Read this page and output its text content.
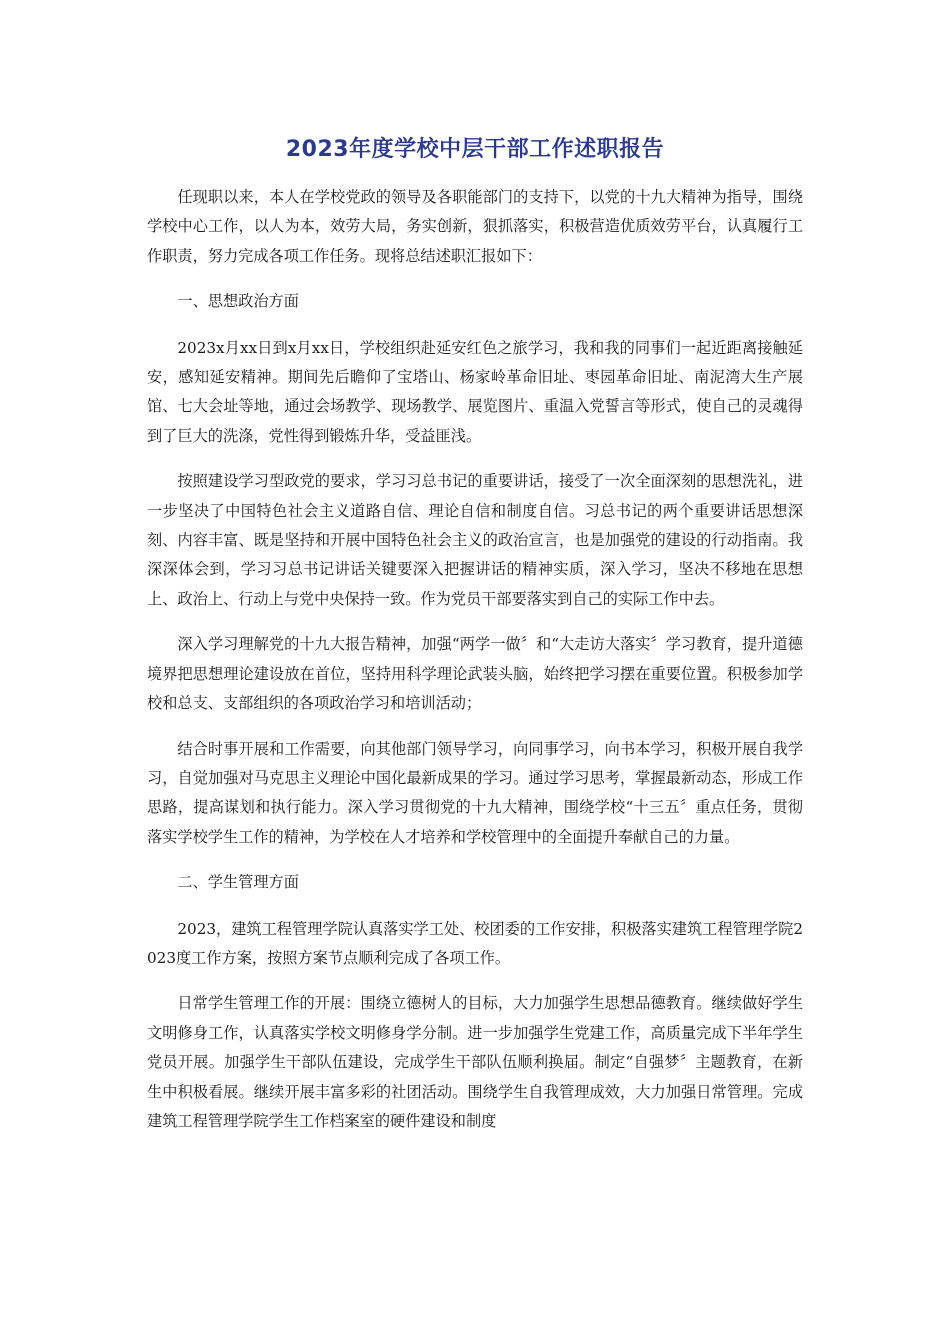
2023年度学校中层干部工作述职报告

任现职以来，本人在学校党政的领导及各职能部门的支持下，以党的十九大精神为指导，围绕学校中心工作，以人为本，效劳大局，务实创新，狠抓落实，积极营造优质效劳平台，认真履行工作职责，努力完成各项工作任务。现将总结述职汇报如下：

一、思想政治方面

2023x月xx日到x月xx日，学校组织赴延安红色之旅学习，我和我的同事们一起近距离接触延安，感知延安精神。期间先后瞻仰了宝塔山、杨家岭革命旧址、枣园革命旧址、南泥湾大生产展馆、七大会址等地，通过会场教学、现场教学、展览图片、重温入党誓言等形式，使自己的灵魂得到了巨大的洗涤，党性得到锻炼升华，受益匪浅。

按照建设学习型政党的要求，学习习总书记的重要讲话，接受了一次全面深刻的思想洗礼，进一步坚决了中国特色社会主义道路自信、理论自信和制度自信。习总书记的两个重要讲话思想深刻、内容丰富、既是坚持和开展中国特色社会主义的政治宣言，也是加强党的建设的行动指南。我深深体会到，学习习总书记讲话关键要深入把握讲话的精神实质，深入学习，坚决不移地在思想上、政治上、行动上与党中央保持一致。作为党员干部要落实到自己的实际工作中去。

深入学习理解党的十九大报告精神，加强“两学一做〞和“大走访大落实〞学习教育，提升道德境界把思想理论建设放在首位，坚持用科学理论武装头脑，始终把学习摆在重要位置。积极参加学校和总支、支部组织的各项政治学习和培训活动；

结合时事开展和工作需要，向其他部门领导学习，向同事学习，向书本学习，积极开展自我学习，自觉加强对马克思主义理论中国化最新成果的学习。通过学习思考，掌握最新动态，形成工作思路，提高谋划和执行能力。深入学习贯彻党的十九大精神，围绕学校“十三五〞重点任务，贯彻落实学校学生工作的精神，为学校在人才培养和学校管理中的全面提升奉献自己的力量。

二、学生管理方面

2023，建筑工程管理学院认真落实学工处、校团委的工作安排，积极落实建筑工程管理学院2023度工作方案，按照方案节点顺利完成了各项工作。

日常学生管理工作的开展：围绕立德树人的目标，大力加强学生思想品德教育。继续做好学生文明修身工作，认真落实学校文明修身学分制。进一步加强学生党建工作，高质量完成下半年学生党员开展。加强学生干部队伍建设，完成学生干部队伍顺利换届。制定“自强梦〞主题教育，在新生中积极看展。继续开展丰富多彩的社团活动。围绕学生自我管理成效，大力加强日常管理。完成建筑工程管理学院学生工作档案室的硬件建设和制度
